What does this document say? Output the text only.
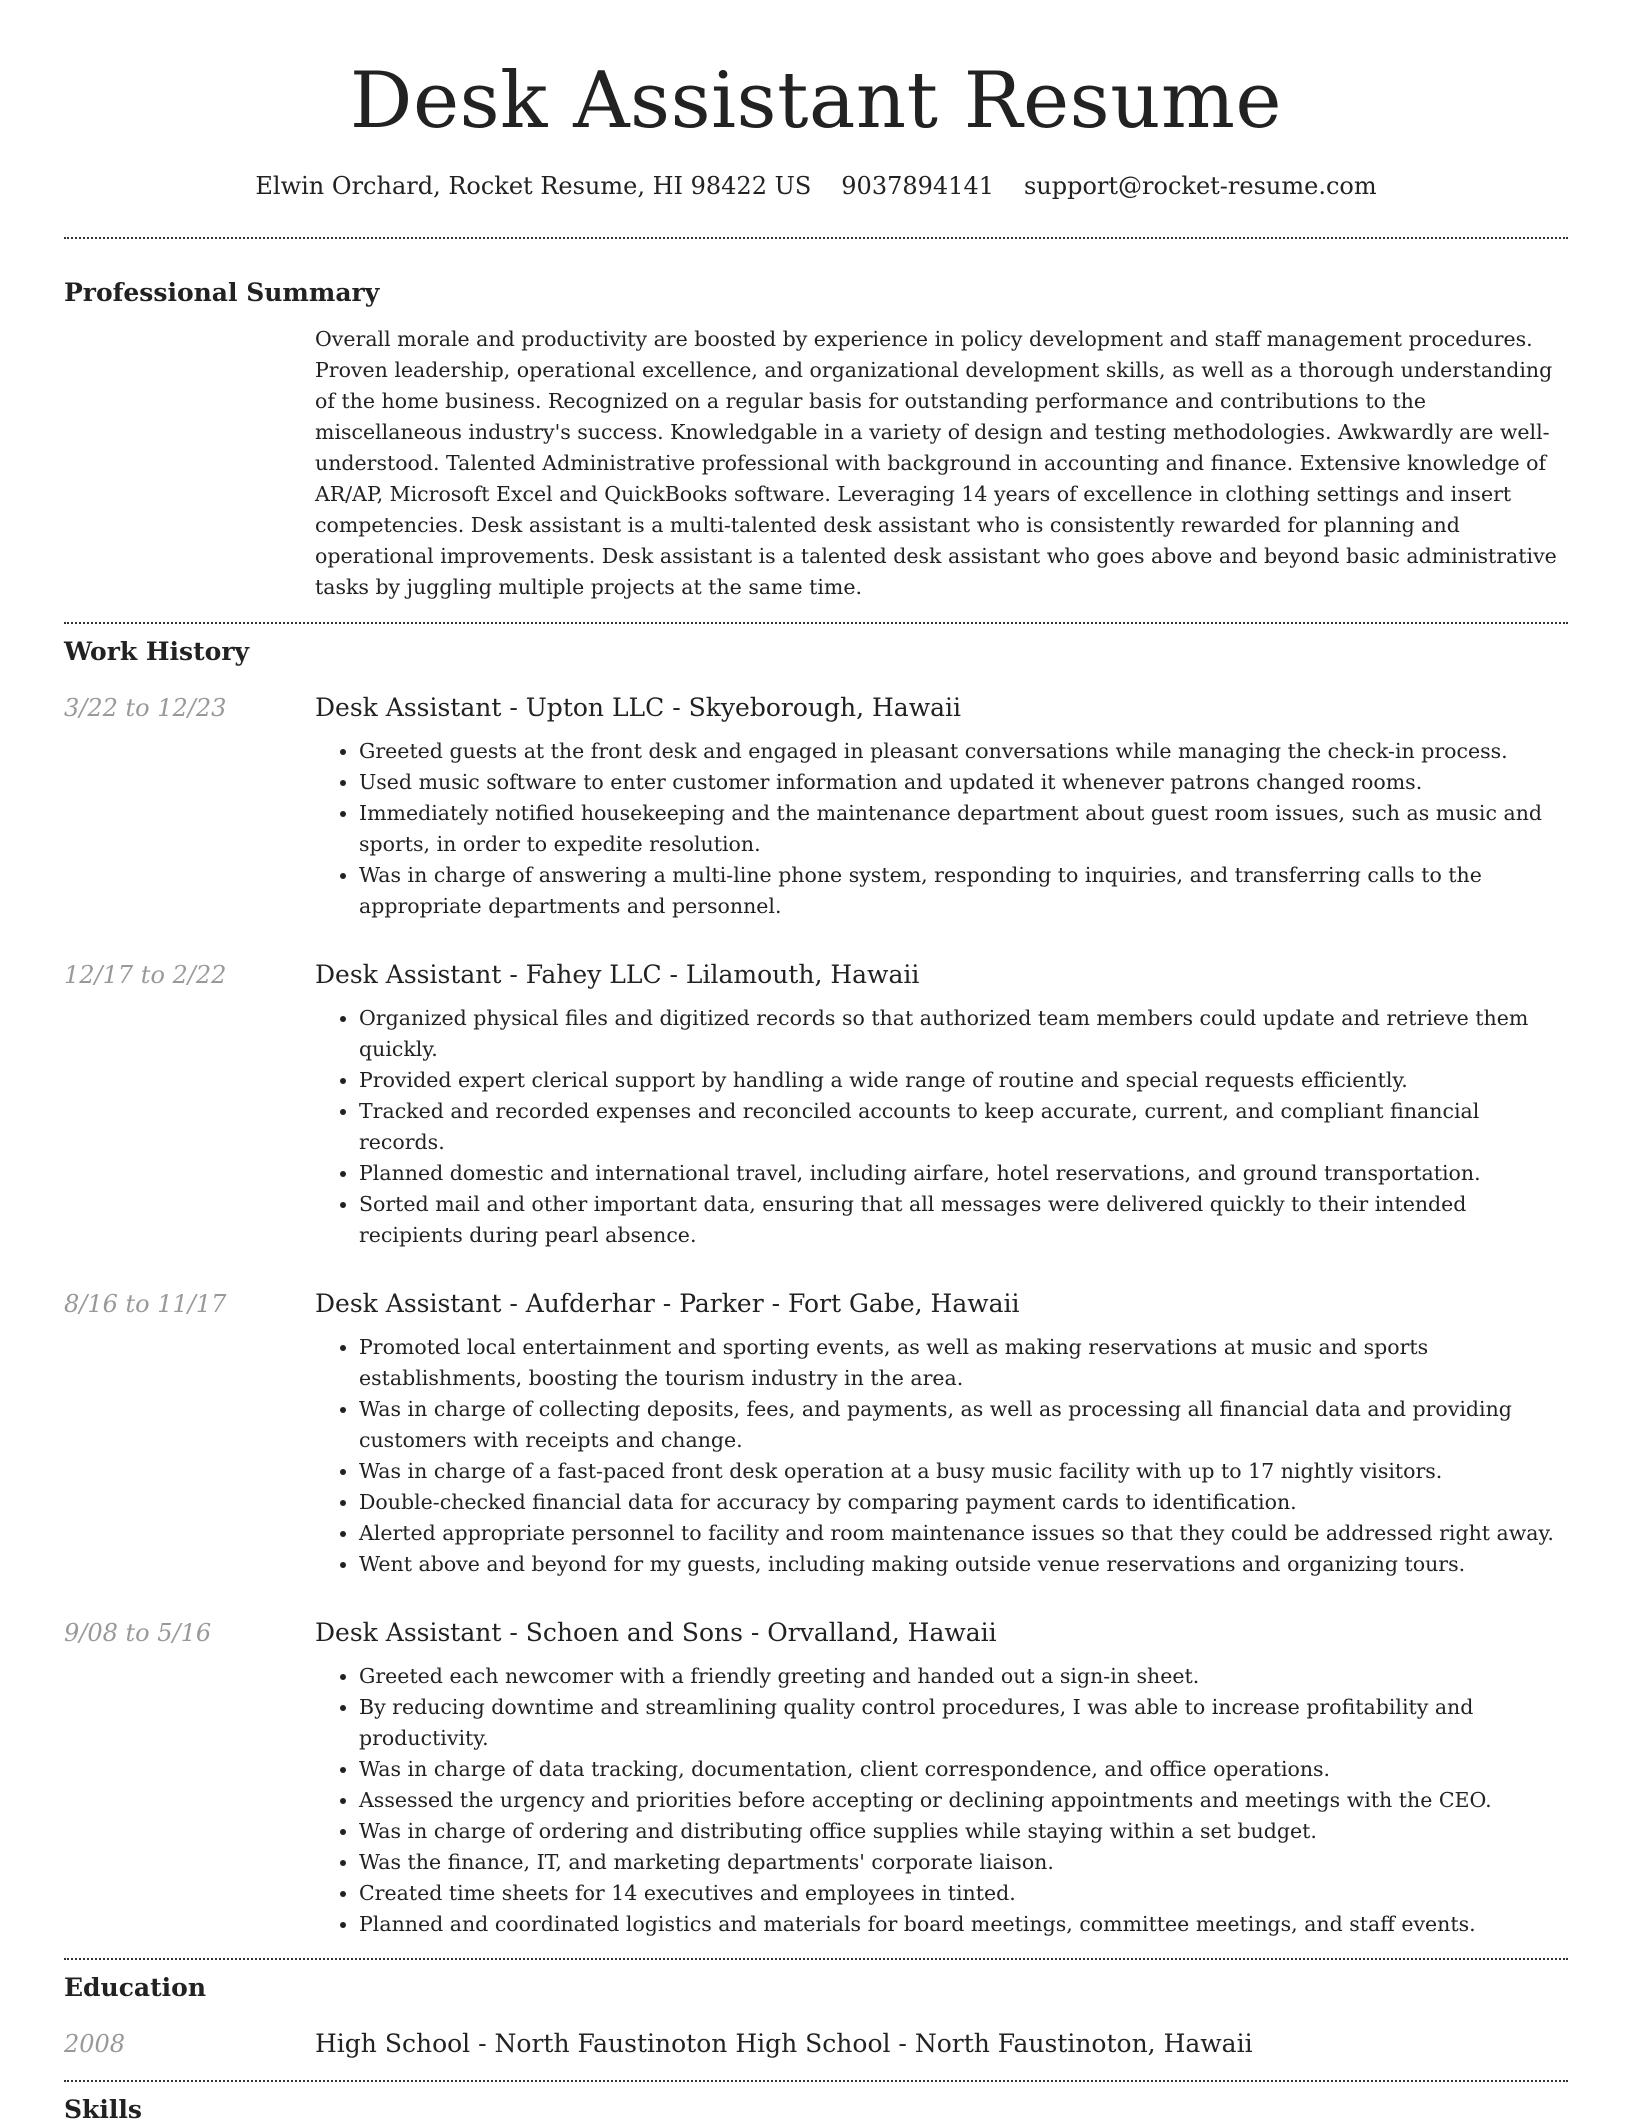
Desk Assistant Resume
Elwin Orchard, Rocket Resume, HI 98422 US 9037894141 support@rocket-resume.com
Professional Summary
Overall morale and productivity are boosted by experience in policy development and staff management procedures. Proven leadership, operational excellence, and organizational development skills, as well as a thorough understanding of the home business. Recognized on a regular basis for outstanding performance and contributions to the miscellaneous industry's success. Knowledgable in a variety of design and testing methodologies. Awkwardly are well-understood. Talented Administrative professional with background in accounting and finance. Extensive knowledge of AR/AP, Microsoft Excel and QuickBooks software. Leveraging 14 years of excellence in clothing settings and insert competencies. Desk assistant is a multi-talented desk assistant who is consistently rewarded for planning and operational improvements. Desk assistant is a talented desk assistant who goes above and beyond basic administrative tasks by juggling multiple projects at the same time.
Work History
3/22 to 12/23	Desk Assistant - Upton LLC - Skyeborough, Hawaii
• Greeted guests at the front desk and engaged in pleasant conversations while managing the check-in process.
• Used music software to enter customer information and updated it whenever patrons changed rooms.
• Immediately notified housekeeping and the maintenance department about guest room issues, such as music and sports, in order to expedite resolution.
• Was in charge of answering a multi-line phone system, responding to inquiries, and transferring calls to the appropriate departments and personnel.
12/17 to 2/22	Desk Assistant - Fahey LLC - Lilamouth, Hawaii
• Organized physical files and digitized records so that authorized team members could update and retrieve them quickly.
• Provided expert clerical support by handling a wide range of routine and special requests efficiently.
• Tracked and recorded expenses and reconciled accounts to keep accurate, current, and compliant financial records.
• Planned domestic and international travel, including airfare, hotel reservations, and ground transportation.
• Sorted mail and other important data, ensuring that all messages were delivered quickly to their intended recipients during pearl absence.
8/16 to 11/17	Desk Assistant - Aufderhar - Parker - Fort Gabe, Hawaii
• Promoted local entertainment and sporting events, as well as making reservations at music and sports establishments, boosting the tourism industry in the area.
• Was in charge of collecting deposits, fees, and payments, as well as processing all financial data and providing customers with receipts and change.
• Was in charge of a fast-paced front desk operation at a busy music facility with up to 17 nightly visitors.
• Double-checked financial data for accuracy by comparing payment cards to identification.
• Alerted appropriate personnel to facility and room maintenance issues so that they could be addressed right away.
• Went above and beyond for my guests, including making outside venue reservations and organizing tours.
9/08 to 5/16	Desk Assistant - Schoen and Sons - Orvalland, Hawaii
• Greeted each newcomer with a friendly greeting and handed out a sign-in sheet.
• By reducing downtime and streamlining quality control procedures, I was able to increase profitability and productivity.
• Was in charge of data tracking, documentation, client correspondence, and office operations.
• Assessed the urgency and priorities before accepting or declining appointments and meetings with the CEO.
• Was in charge of ordering and distributing office supplies while staying within a set budget.
• Was the finance, IT, and marketing departments' corporate liaison.
• Created time sheets for 14 executives and employees in tinted.
• Planned and coordinated logistics and materials for board meetings, committee meetings, and staff events.
Education
2008	High School - North Faustinoton High School - North Faustinoton, Hawaii
Skills
